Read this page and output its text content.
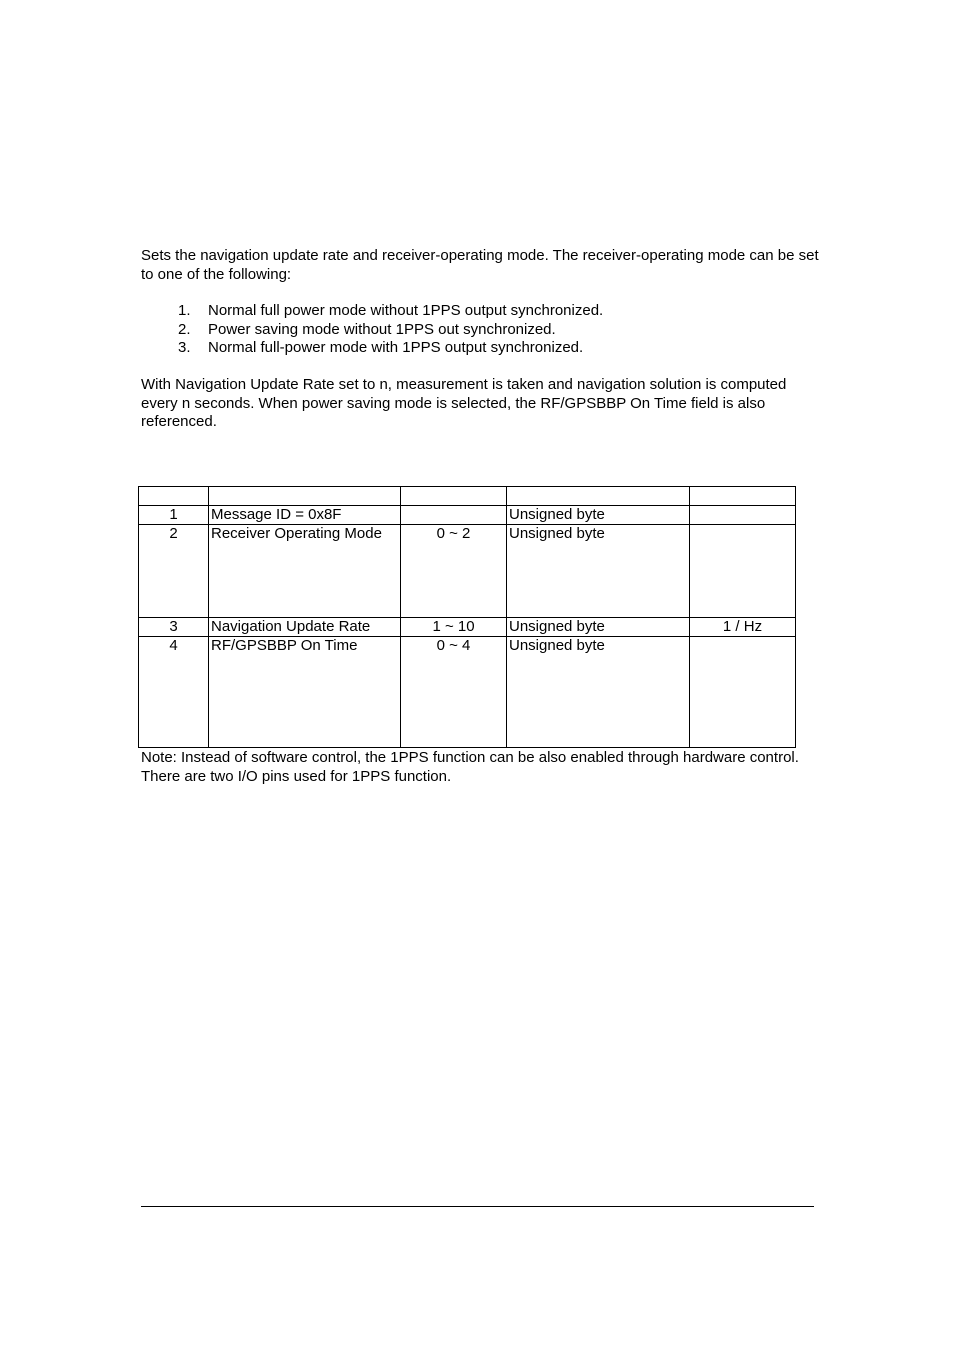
Sets the navigation update rate and receiver-operating mode. The receiver-operating mode can be set to one of the following:

1. Normal full power mode without 1PPS output synchronized.
2. Power saving mode without 1PPS out synchronized.
3. Normal full-power mode with 1PPS output synchronized.

With Navigation Update Rate set to n, measurement is taken and navigation solution is computed every n seconds. When power saving mode is selected, the RF/GPSBBP On Time field is also referenced.

1	Message ID = 0x8F		Unsigned byte	
2	Receiver Operating Mode	0 ~ 2	Unsigned byte	
3	Navigation Update Rate	1 ~ 10	Unsigned byte	1 / Hz
4	RF/GPSBBP On Time	0 ~ 4	Unsigned byte	

Note: Instead of software control, the 1PPS function can be also enabled through hardware control. There are two I/O pins used for 1PPS function.
